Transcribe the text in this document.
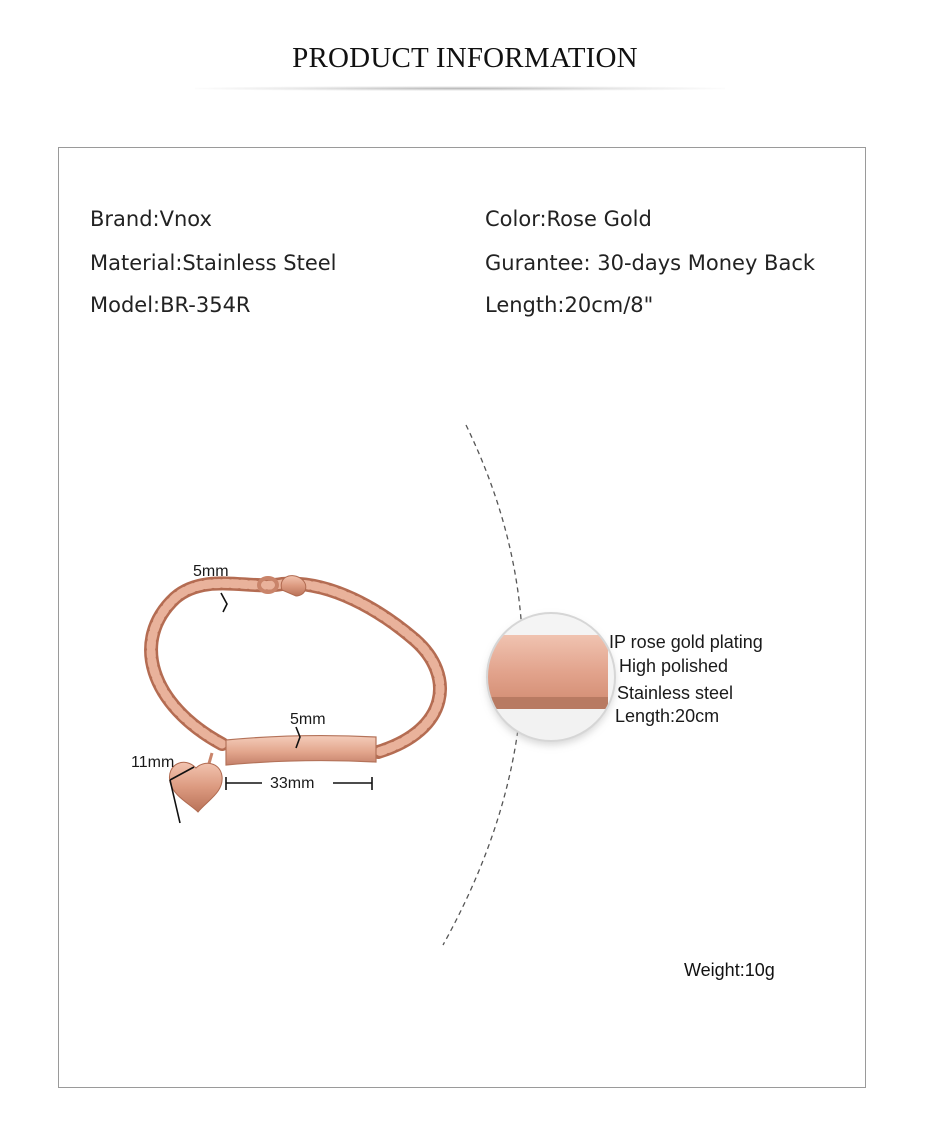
PRODUCT INFORMATION
Brand:Vnox
Material:Stainless Steel
Model:BR-354R
Color:Rose Gold
Gurantee: 30-days Money Back
Length:20cm/8"
5mm
5mm
11mm
33mm
IP rose gold plating
High polished
Stainless steel
Length:20cm
Weight:10g
